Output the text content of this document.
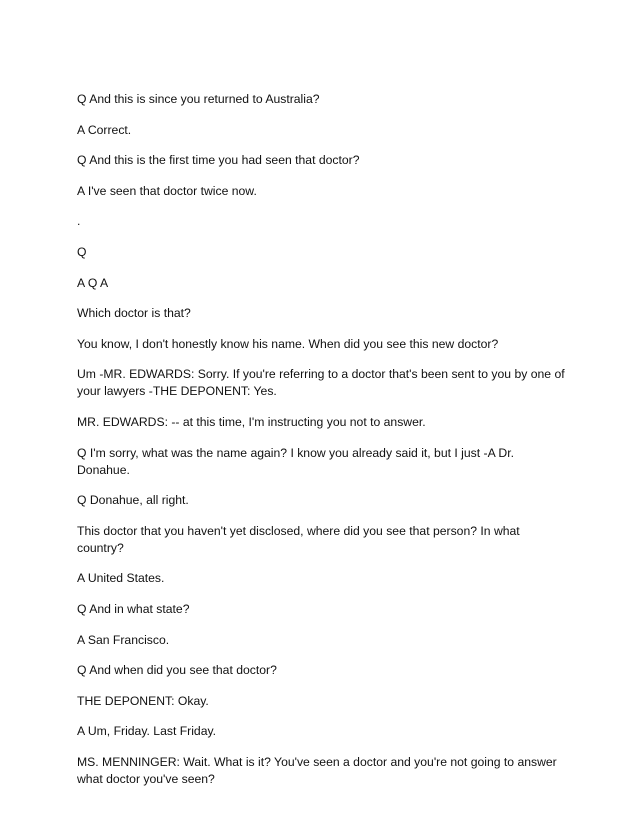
Q And this is since you returned to Australia?

A Correct.

Q And this is the first time you had seen that doctor?

A I've seen that doctor twice now.

.

Q

A Q A

Which doctor is that?

You know, I don't honestly know his name. When did you see this new doctor?

Um -MR. EDWARDS: Sorry. If you're referring to a doctor that's been sent to you by one of your lawyers -THE DEPONENT: Yes.

MR. EDWARDS: -- at this time, I'm instructing you not to answer.

Q I'm sorry, what was the name again? I know you already said it, but I just -A Dr. Donahue.

Q Donahue, all right.

This doctor that you haven't yet disclosed, where did you see that person? In what country?

A United States.

Q And in what state?

A San Francisco.

Q And when did you see that doctor?

THE DEPONENT: Okay.

A Um, Friday. Last Friday.

MS. MENNINGER: Wait. What is it? You've seen a doctor and you're not going to answer what doctor you've seen?
